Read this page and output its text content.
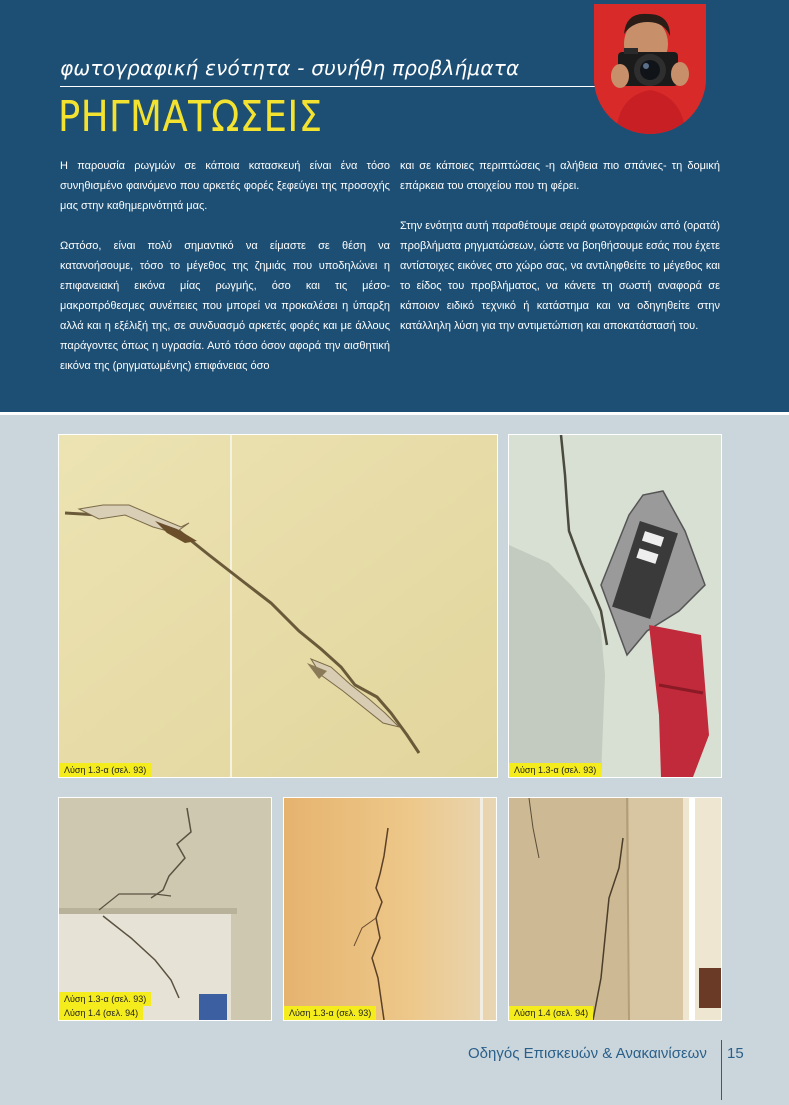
φωτογραφική ενότητα - συνήθη προβλήματα
ΡΗΓΜΑΤΩΣΕΙΣ

Η παρουσία ρωγμών σε κάποια κατασκευή είναι ένα τόσο συνηθισμένο φαινόμενο που αρκετές φορές ξεφεύγει της προσοχής μας στην καθημερινότητά μας.

Ωστόσο, είναι πολύ σημαντικό να είμαστε σε θέση να κατανοήσουμε, τόσο το μέγεθος της ζημιάς που υποδηλώνει η επιφανειακή εικόνα μίας ρωγμής, όσο και τις μέσο-μακροπρόθεσμες συνέπειες που μπορεί να προκαλέσει η ύπαρξη αλλά και η εξέλιξή της, σε συνδυασμό αρκετές φορές και με άλλους παράγοντες όπως η υγρασία. Αυτό τόσο όσον αφορά την αισθητική εικόνα της (ρηγματωμένης) επιφάνειας όσο

και σε κάποιες περιπτώσεις -η αλήθεια πιο σπάνιες- τη δομική επάρκεια του στοιχείου που τη φέρει.

Στην ενότητα αυτή παραθέτουμε σειρά φωτογραφιών από (ορατά) προβλήματα ρηγματώσεων, ώστε να βοηθήσουμε εσάς που έχετε αντίστοιχες εικόνες στο χώρο σας, να αντιληφθείτε το μέγεθος και το είδος του προβλήματος, να κάνετε τη σωστή αναφορά σε κάποιον ειδικό τεχνικό ή κατάστημα και να οδηγηθείτε στην κατάλληλη λύση για την αντιμετώπιση και αποκατάστασή του.

Λύση 1.3-α (σελ. 93)	Λύση 1.3-α (σελ. 93)
Λύση 1.3-α (σελ. 93)
Λύση 1.4 (σελ. 94)	Λύση 1.3-α (σελ. 93)	Λύση 1.4 (σελ. 94)
Οδηγός Επισκευών & Ανακαινίσεων 15
